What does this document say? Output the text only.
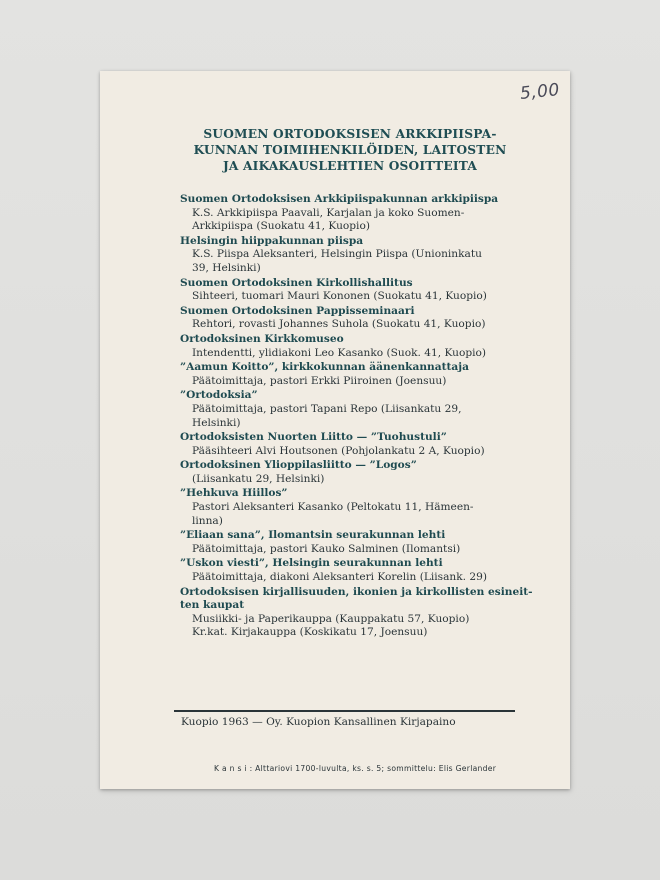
5,00
SUOMEN ORTODOKSISEN ARKKIPIISPA-
KUNNAN TOIMIHENKILÖIDEN, LAITOSTEN
JA AIKAKAUSLEHTIEN OSOITTEITA
Suomen Ortodoksisen Arkkipiispakunnan arkkipiispa
K.S. Arkkipiispa Paavali, Karjalan ja koko Suomen-
Arkkipiispa (Suokatu 41, Kuopio)
Helsingin hiippakunnan piispa
K.S. Piispa Aleksanteri, Helsingin Piispa (Unioninkatu
39, Helsinki)
Suomen Ortodoksinen Kirkollishallitus
Sihteeri, tuomari Mauri Kononen (Suokatu 41, Kuopio)
Suomen Ortodoksinen Pappisseminaari
Rehtori, rovasti Johannes Suhola (Suokatu 41, Kuopio)
Ortodoksinen Kirkkomuseo
Intendentti, ylidiakoni Leo Kasanko (Suok. 41, Kuopio)
”Aamun Koitto”, kirkkokunnan äänenkannattaja
Päätoimittaja, pastori Erkki Piiroinen (Joensuu)
”Ortodoksia”
Päätoimittaja, pastori Tapani Repo (Liisankatu 29,
Helsinki)
Ortodoksisten Nuorten Liitto — ”Tuohustuli”
Pääsihteeri Alvi Houtsonen (Pohjolankatu 2 A, Kuopio)
Ortodoksinen Ylioppilasliitto — ”Logos”
(Liisankatu 29, Helsinki)
”Hehkuva Hiillos”
Pastori Aleksanteri Kasanko (Peltokatu 11, Hämeen-
linna)
”Eliaan sana”, Ilomantsin seurakunnan lehti
Päätoimittaja, pastori Kauko Salminen (Ilomantsi)
”Uskon viesti”, Helsingin seurakunnan lehti
Päätoimittaja, diakoni Aleksanteri Korelin (Liisank. 29)
Ortodoksisen kirjallisuuden, ikonien ja kirkollisten esineit-
ten kaupat
Musiikki- ja Paperikauppa (Kauppakatu 57, Kuopio)
Kr.kat. Kirjakauppa (Koskikatu 17, Joensuu)
Kuopio 1963 — Oy. Kuopion Kansallinen Kirjapaino
K a n s i : Alttariovi 1700-luvulta, ks. s. 5; sommittelu: Elis Gerlander
